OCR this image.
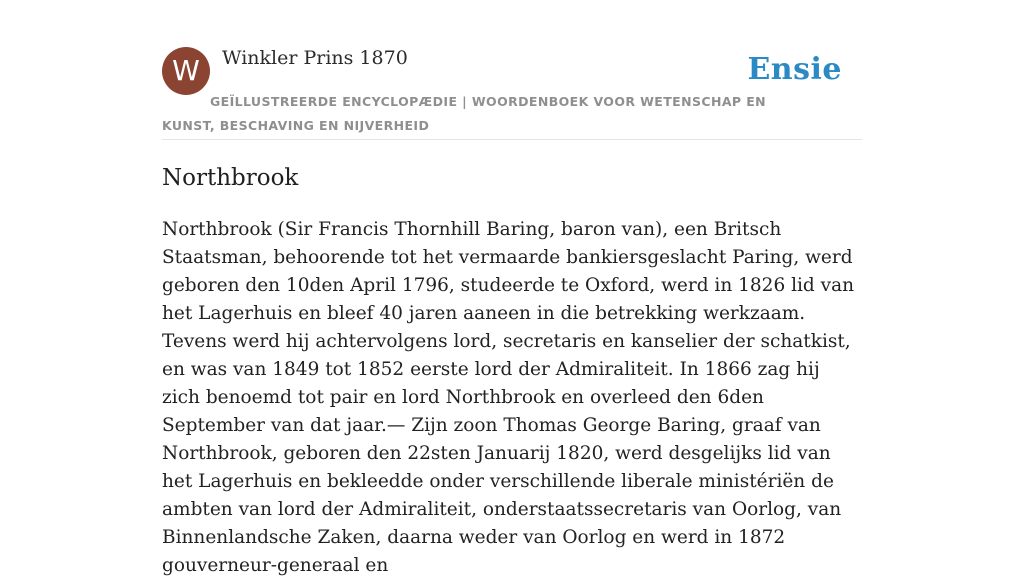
W	Winkler Prins 1870	Ensie
GEÏLLUSTREERDE ENCYCLOPÆDIE | WOORDENBOEK VOOR WETENSCHAP EN KUNST, BESCHAVING EN NIJVERHEID
Northbrook

Northbrook (Sir Francis Thornhill Baring, baron van), een Britsch Staatsman, behoorende tot het vermaarde bankiersgeslacht Paring, werd geboren den 10den April 1796, studeerde te Oxford, werd in 1826 lid van het Lagerhuis en bleef 40 jaren aaneen in die betrekking werkzaam. Tevens werd hij achtervolgens lord, secretaris en kanselier der schatkist, en was van 1849 tot 1852 eerste lord der Admiraliteit. In 1866 zag hij zich benoemd tot pair en lord Northbrook en overleed den 6den September van dat jaar.— Zijn zoon Thomas George Baring, graaf van Northbrook, geboren den 22sten Januarij 1820, werd desgelijks lid van het Lagerhuis en bekleedde onder verschillende liberale ministériën de ambten van lord der Admiraliteit, onderstaatssecretaris van Oorlog, van Binnenlandsche Zaken, daarna weder van Oorlog en werd in 1872 gouverneur-generaal en
